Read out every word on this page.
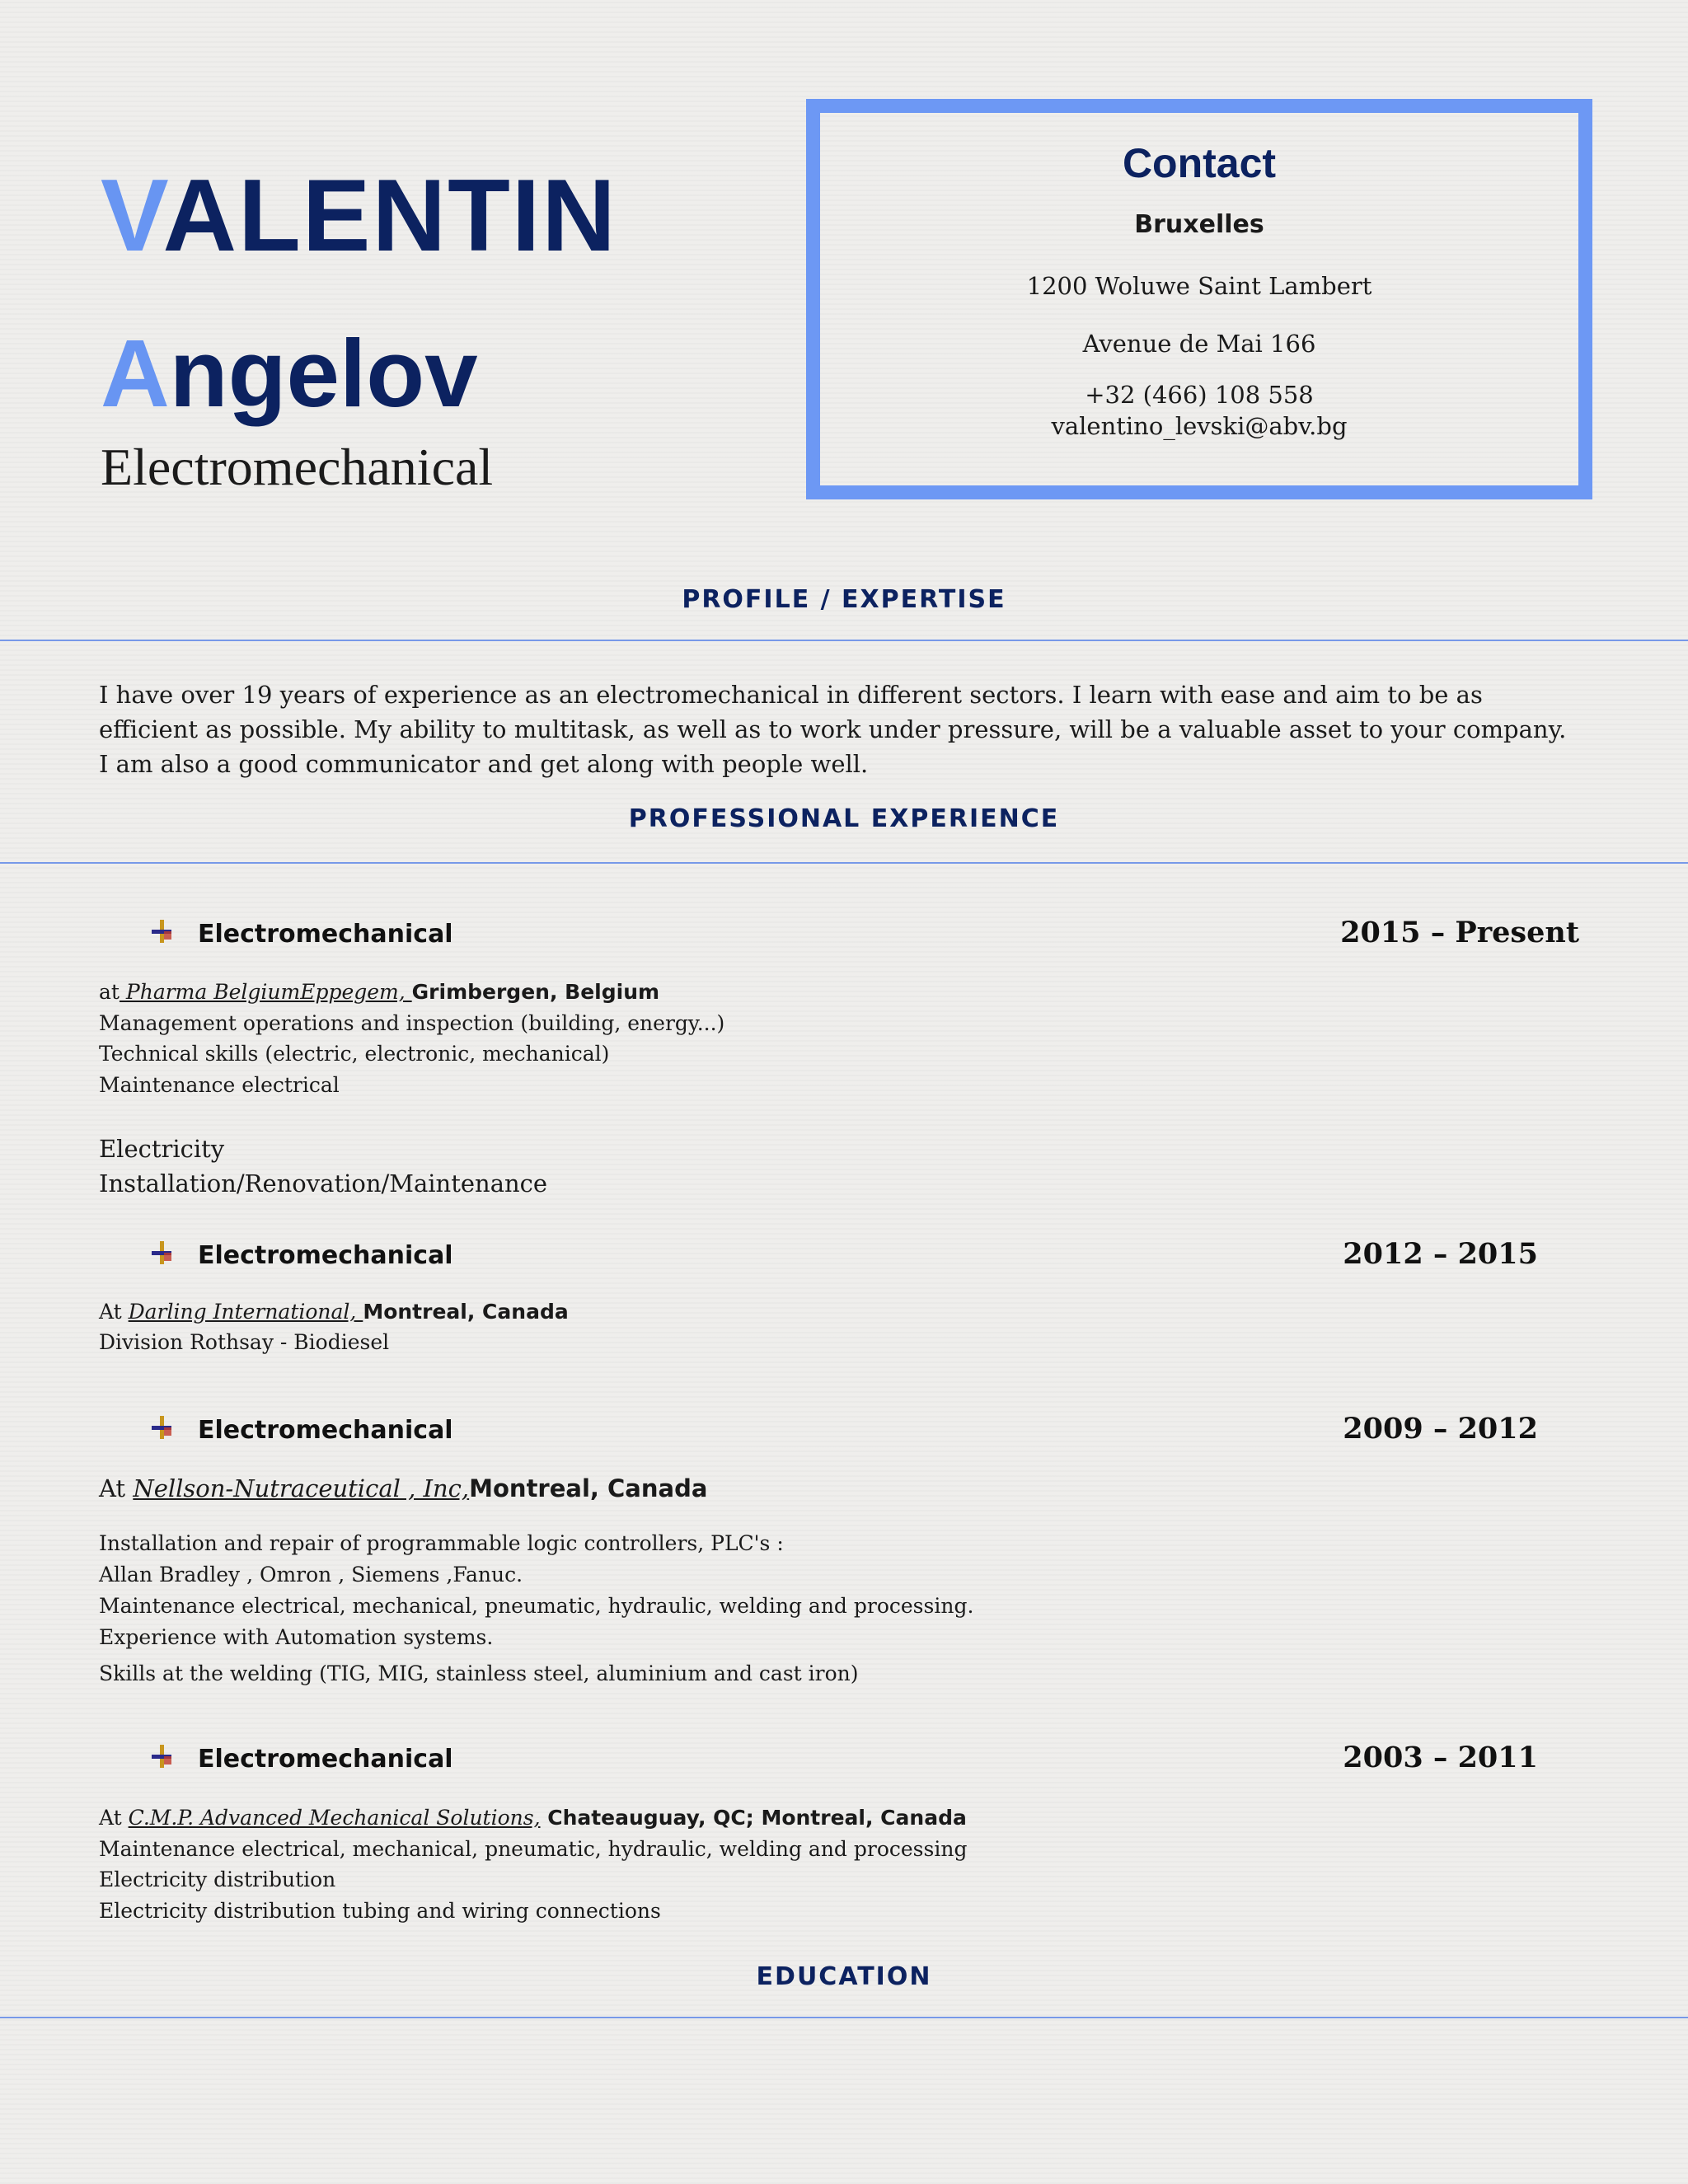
VALENTIN
Angelov
Electromechanical
Contact
Bruxelles
1200 Woluwe Saint Lambert
Avenue de Mai 166
+32 (466) 108 558
valentino_levski@abv.bg
PROFILE / EXPERTISE
I have over 19 years of experience as an electromechanical in different sectors. I learn with ease and aim to be as efficient as possible. My ability to multitask, as well as to work under pressure, will be a valuable asset to your company. I am also a good communicator and get along with people well.
PROFESSIONAL EXPERIENCE
Electromechanical	2015 – Present
at Pharma BelgiumEppegem, Grimbergen, Belgium
Management operations and inspection (building, energy...)
Technical skills (electric, electronic, mechanical)
Maintenance electrical
Electricity
Installation/Renovation/Maintenance
Electromechanical	2012 – 2015
At Darling International, Montreal, Canada
Division Rothsay - Biodiesel
Electromechanical	2009 – 2012
At Nellson-Nutraceutical , Inc,Montreal, Canada
Installation and repair of programmable logic controllers, PLC's :
Allan Bradley , Omron , Siemens ,Fanuc.
Maintenance electrical, mechanical, pneumatic, hydraulic, welding and processing.
Experience with Automation systems.
Skills at the welding (TIG, MIG, stainless steel, aluminium and cast iron)
Electromechanical	2003 – 2011
At C.M.P. Advanced Mechanical Solutions, Chateauguay, QC; Montreal, Canada
Maintenance electrical, mechanical, pneumatic, hydraulic, welding and processing
Electricity distribution
Electricity distribution tubing and wiring connections
EDUCATION
